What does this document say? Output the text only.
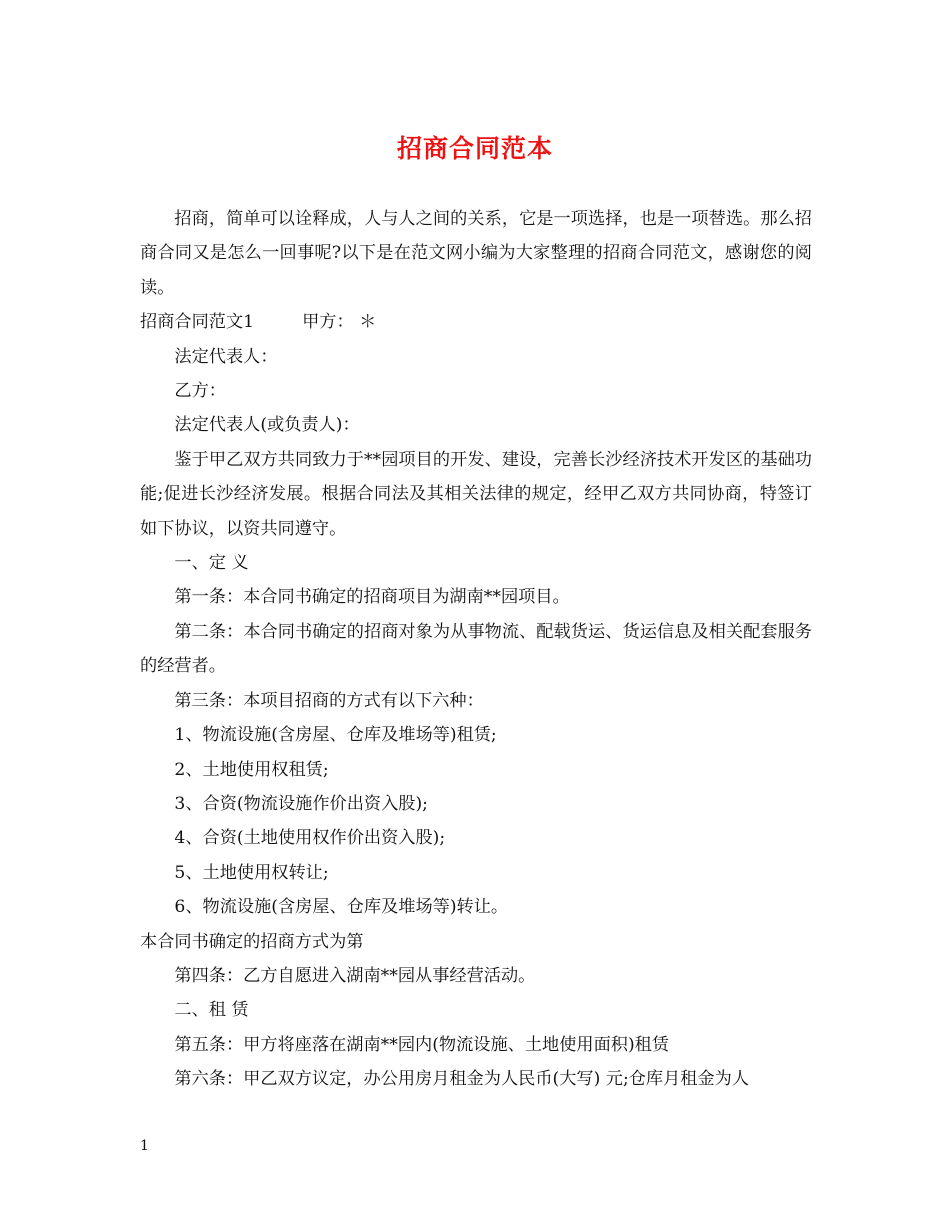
招商合同范本

招商，简单可以诠释成，人与人之间的关系，它是一项选择，也是一项替选。那么招商合同又是怎么一回事呢?以下是在范文网小编为大家整理的招商合同范文，感谢您的阅读。

招商合同范文1	甲方： ＊

法定代表人：

乙方：

法定代表人(或负责人)：

鉴于甲乙双方共同致力于**园项目的开发、建设，完善长沙经济技术开发区的基础功能;促进长沙经济发展。根据合同法及其相关法律的规定，经甲乙双方共同协商，特签订如下协议，以资共同遵守。

一、定 义

第一条：本合同书确定的招商项目为湖南**园项目。

第二条：本合同书确定的招商对象为从事物流、配载货运、货运信息及相关配套服务的经营者。

第三条：本项目招商的方式有以下六种：

1、物流设施(含房屋、仓库及堆场等)租赁;

2、土地使用权租赁;

3、合资(物流设施作价出资入股);

4、合资(土地使用权作价出资入股);

5、土地使用权转让;

6、物流设施(含房屋、仓库及堆场等)转让。

本合同书确定的招商方式为第

第四条：乙方自愿进入湖南**园从事经营活动。

二、租 赁

第五条：甲方将座落在湖南**园内(物流设施、土地使用面积)租赁

第六条：甲乙双方议定，办公用房月租金为人民币(大写) 元;仓库月租金为人

1
